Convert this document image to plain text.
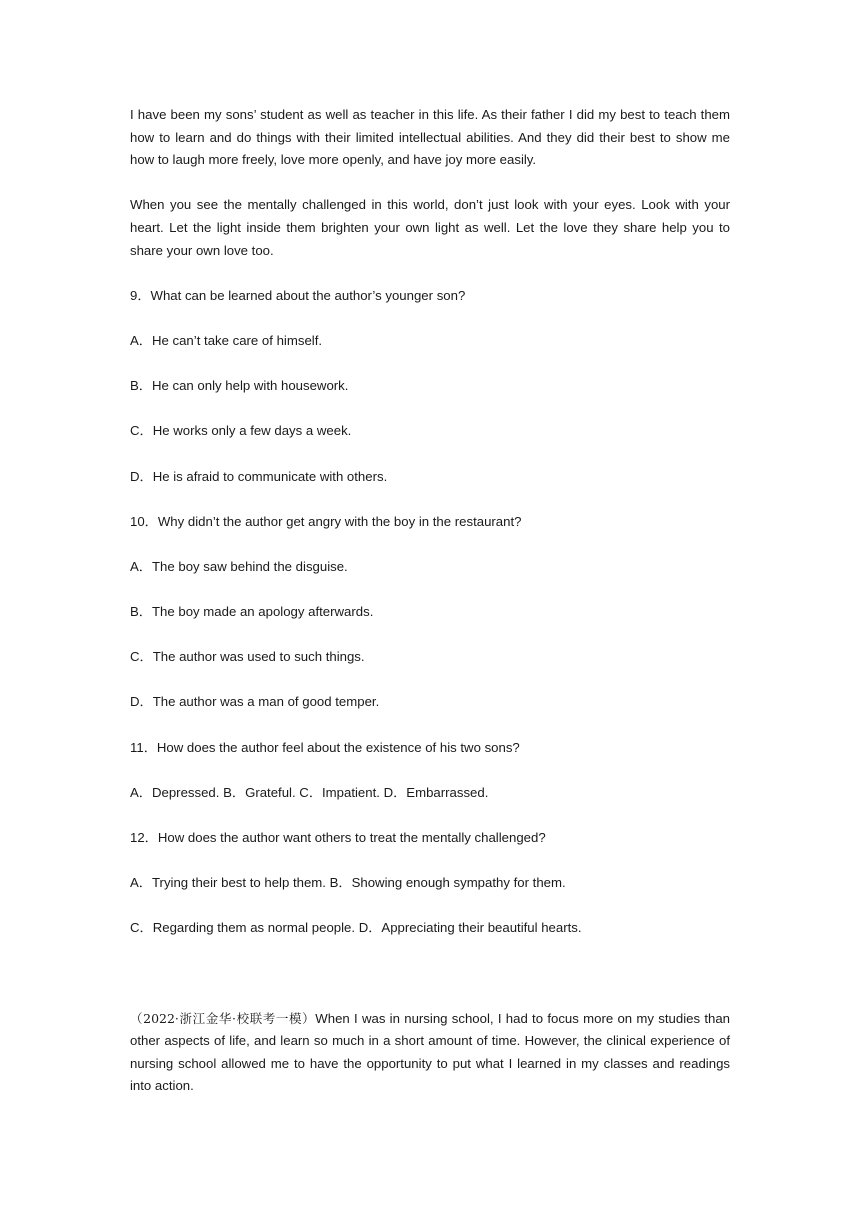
I have been my sons’ student as well as teacher in this life. As their father I did my best to teach them how to learn and do things with their limited intellectual abilities. And they did their best to show me how to laugh more freely, love more openly, and have joy more easily.

When you see the mentally challenged in this world, don’t just look with your eyes. Look with your heart. Let the light inside them brighten your own light as well. Let the love they share help you to share your own love too.

9．What can be learned about the author’s younger son?

A．He can’t take care of himself.

B．He can only help with housework.

C．He works only a few days a week.

D．He is afraid to communicate with others.

10．Why didn’t the author get angry with the boy in the restaurant?

A．The boy saw behind the disguise.

B．The boy made an apology afterwards.

C．The author was used to such things.

D．The author was a man of good temper.

11．How does the author feel about the existence of his two sons?

A．Depressed. B．Grateful. C．Impatient. D．Embarrassed.

12．How does the author want others to treat the mentally challenged?

A．Trying their best to help them. B．Showing enough sympathy for them.

C．Regarding them as normal people. D．Appreciating their beautiful hearts.

（2022·浙江金华·校联考一模）When I was in nursing school, I had to focus more on my studies than other aspects of life, and learn so much in a short amount of time. However, the clinical experience of nursing school allowed me to have the opportunity to put what I learned in my classes and readings into action.
